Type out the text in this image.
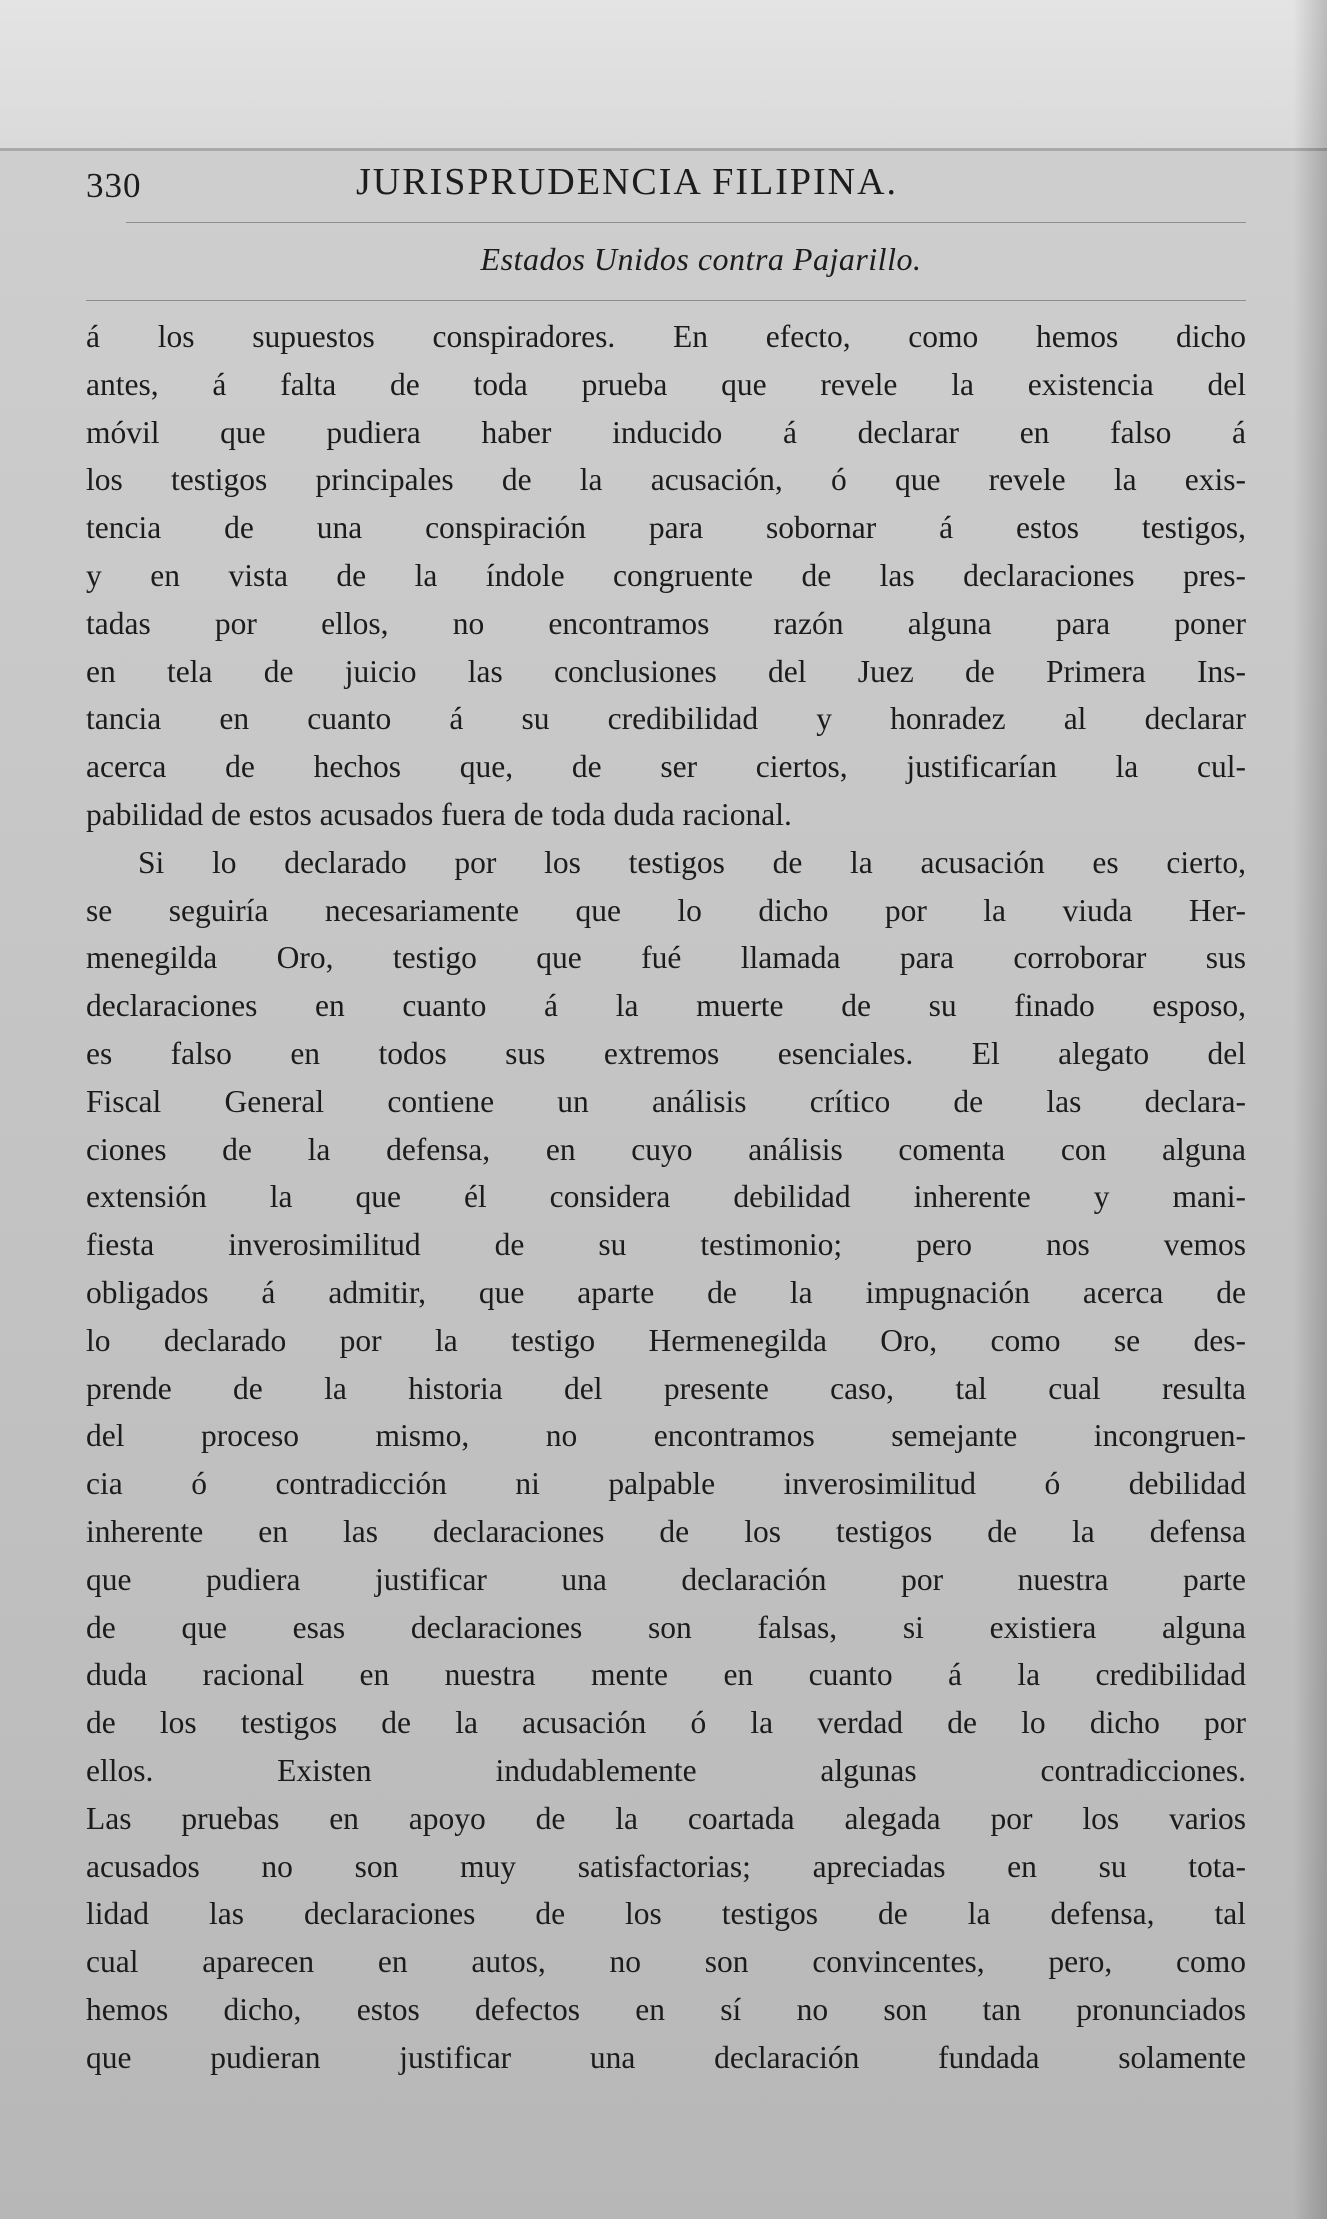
330	JURISPRUDENCIA FILIPINA.
Estados Unidos contra Pajarillo.

á los supuestos conspiradores. En efecto, como hemos dicho
antes, á falta de toda prueba que revele la existencia del
móvil que pudiera haber inducido á declarar en falso á
los testigos principales de la acusación, ó que revele la exis-
tencia de una conspiración para sobornar á estos testigos,
y en vista de la índole congruente de las declaraciones pres-
tadas por ellos, no encontramos razón alguna para poner
en tela de juicio las conclusiones del Juez de Primera Ins-
tancia en cuanto á su credibilidad y honradez al declarar
acerca de hechos que, de ser ciertos, justificarían la cul-
pabilidad de estos acusados fuera de toda duda racional.

Si lo declarado por los testigos de la acusación es cierto,
se seguiría necesariamente que lo dicho por la viuda Her-
menegilda Oro, testigo que fué llamada para corroborar sus
declaraciones en cuanto á la muerte de su finado esposo,
es falso en todos sus extremos esenciales. El alegato del
Fiscal General contiene un análisis crítico de las declara-
ciones de la defensa, en cuyo análisis comenta con alguna
extensión la que él considera debilidad inherente y mani-
fiesta inverosimilitud de su testimonio; pero nos vemos
obligados á admitir, que aparte de la impugnación acerca de
lo declarado por la testigo Hermenegilda Oro, como se des-
prende de la historia del presente caso, tal cual resulta
del proceso mismo, no encontramos semejante incongruen-
cia ó contradicción ni palpable inverosimilitud ó debilidad
inherente en las declaraciones de los testigos de la defensa
que pudiera justificar una declaración por nuestra parte
de que esas declaraciones son falsas, si existiera alguna
duda racional en nuestra mente en cuanto á la credibilidad
de los testigos de la acusación ó la verdad de lo dicho por
ellos. Existen indudablemente algunas contradicciones.
Las pruebas en apoyo de la coartada alegada por los varios
acusados no son muy satisfactorias; apreciadas en su tota-
lidad las declaraciones de los testigos de la defensa, tal
cual aparecen en autos, no son convincentes, pero, como
hemos dicho, estos defectos en sí no son tan pronunciados
que pudieran justificar una declaración fundada solamente
